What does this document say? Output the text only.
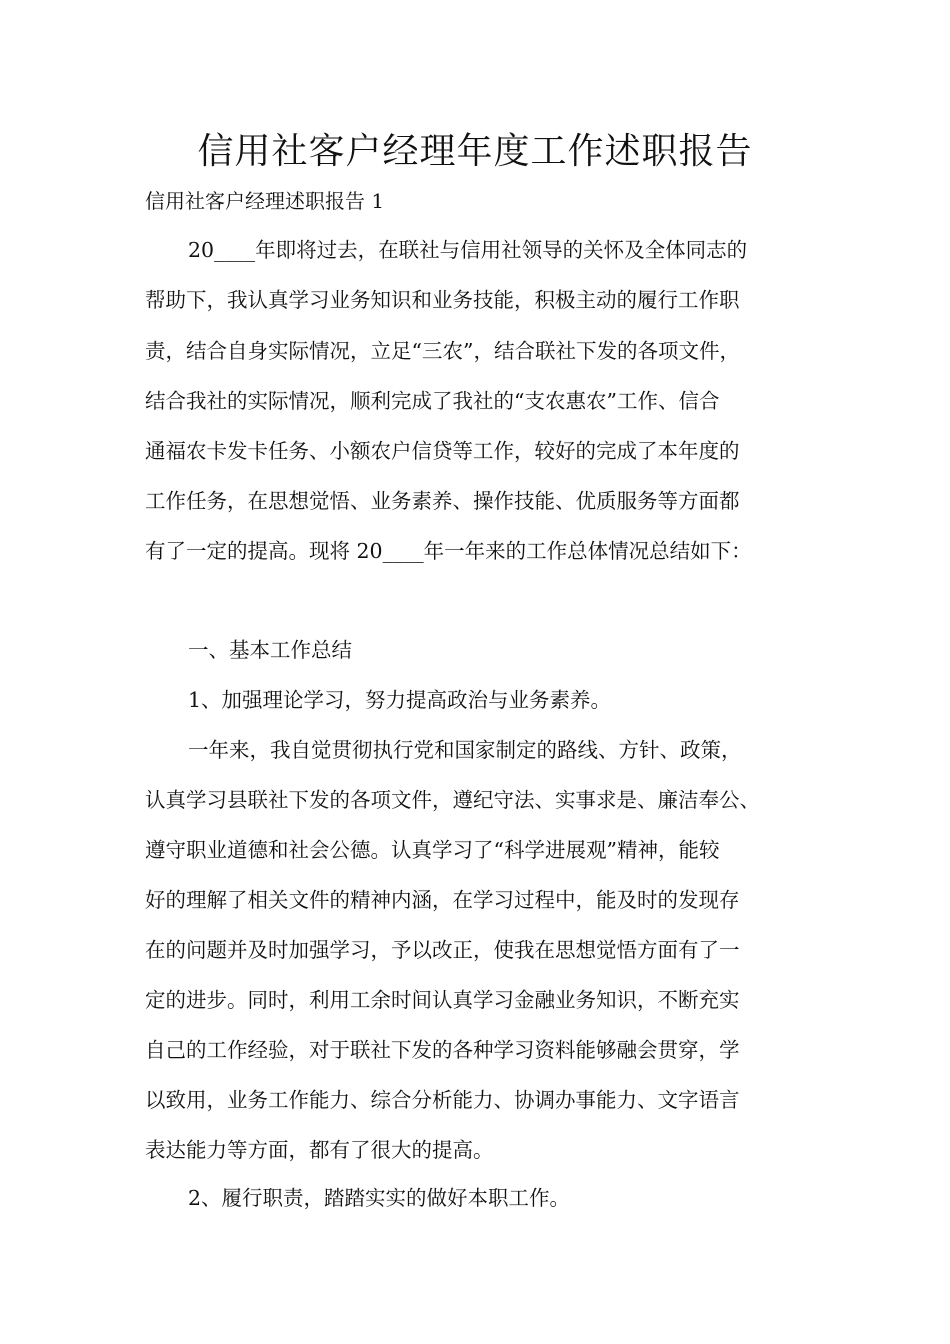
信用社客户经理年度工作述职报告
信用社客户经理述职报告 1
20____年即将过去，在联社与信用社领导的关怀及全体同志的
帮助下，我认真学习业务知识和业务技能，积极主动的履行工作职
责，结合自身实际情况，立足“三农”，结合联社下发的各项文件，
结合我社的实际情况，顺利完成了我社的“支农惠农”工作、信合
通福农卡发卡任务、小额农户信贷等工作，较好的完成了本年度的
工作任务，在思想觉悟、业务素养、操作技能、优质服务等方面都
有了一定的提高。现将 20____年一年来的工作总体情况总结如下：
一、基本工作总结
1、加强理论学习，努力提高政治与业务素养。
一年来，我自觉贯彻执行党和国家制定的路线、方针、政策，
认真学习县联社下发的各项文件，遵纪守法、实事求是、廉洁奉公、
遵守职业道德和社会公德。认真学习了“科学进展观”精神，能较
好的理解了相关文件的精神内涵，在学习过程中，能及时的发现存
在的问题并及时加强学习，予以改正，使我在思想觉悟方面有了一
定的进步。同时，利用工余时间认真学习金融业务知识，不断充实
自己的工作经验，对于联社下发的各种学习资料能够融会贯穿，学
以致用，业务工作能力、综合分析能力、协调办事能力、文字语言
表达能力等方面，都有了很大的提高。
2、履行职责，踏踏实实的做好本职工作。
